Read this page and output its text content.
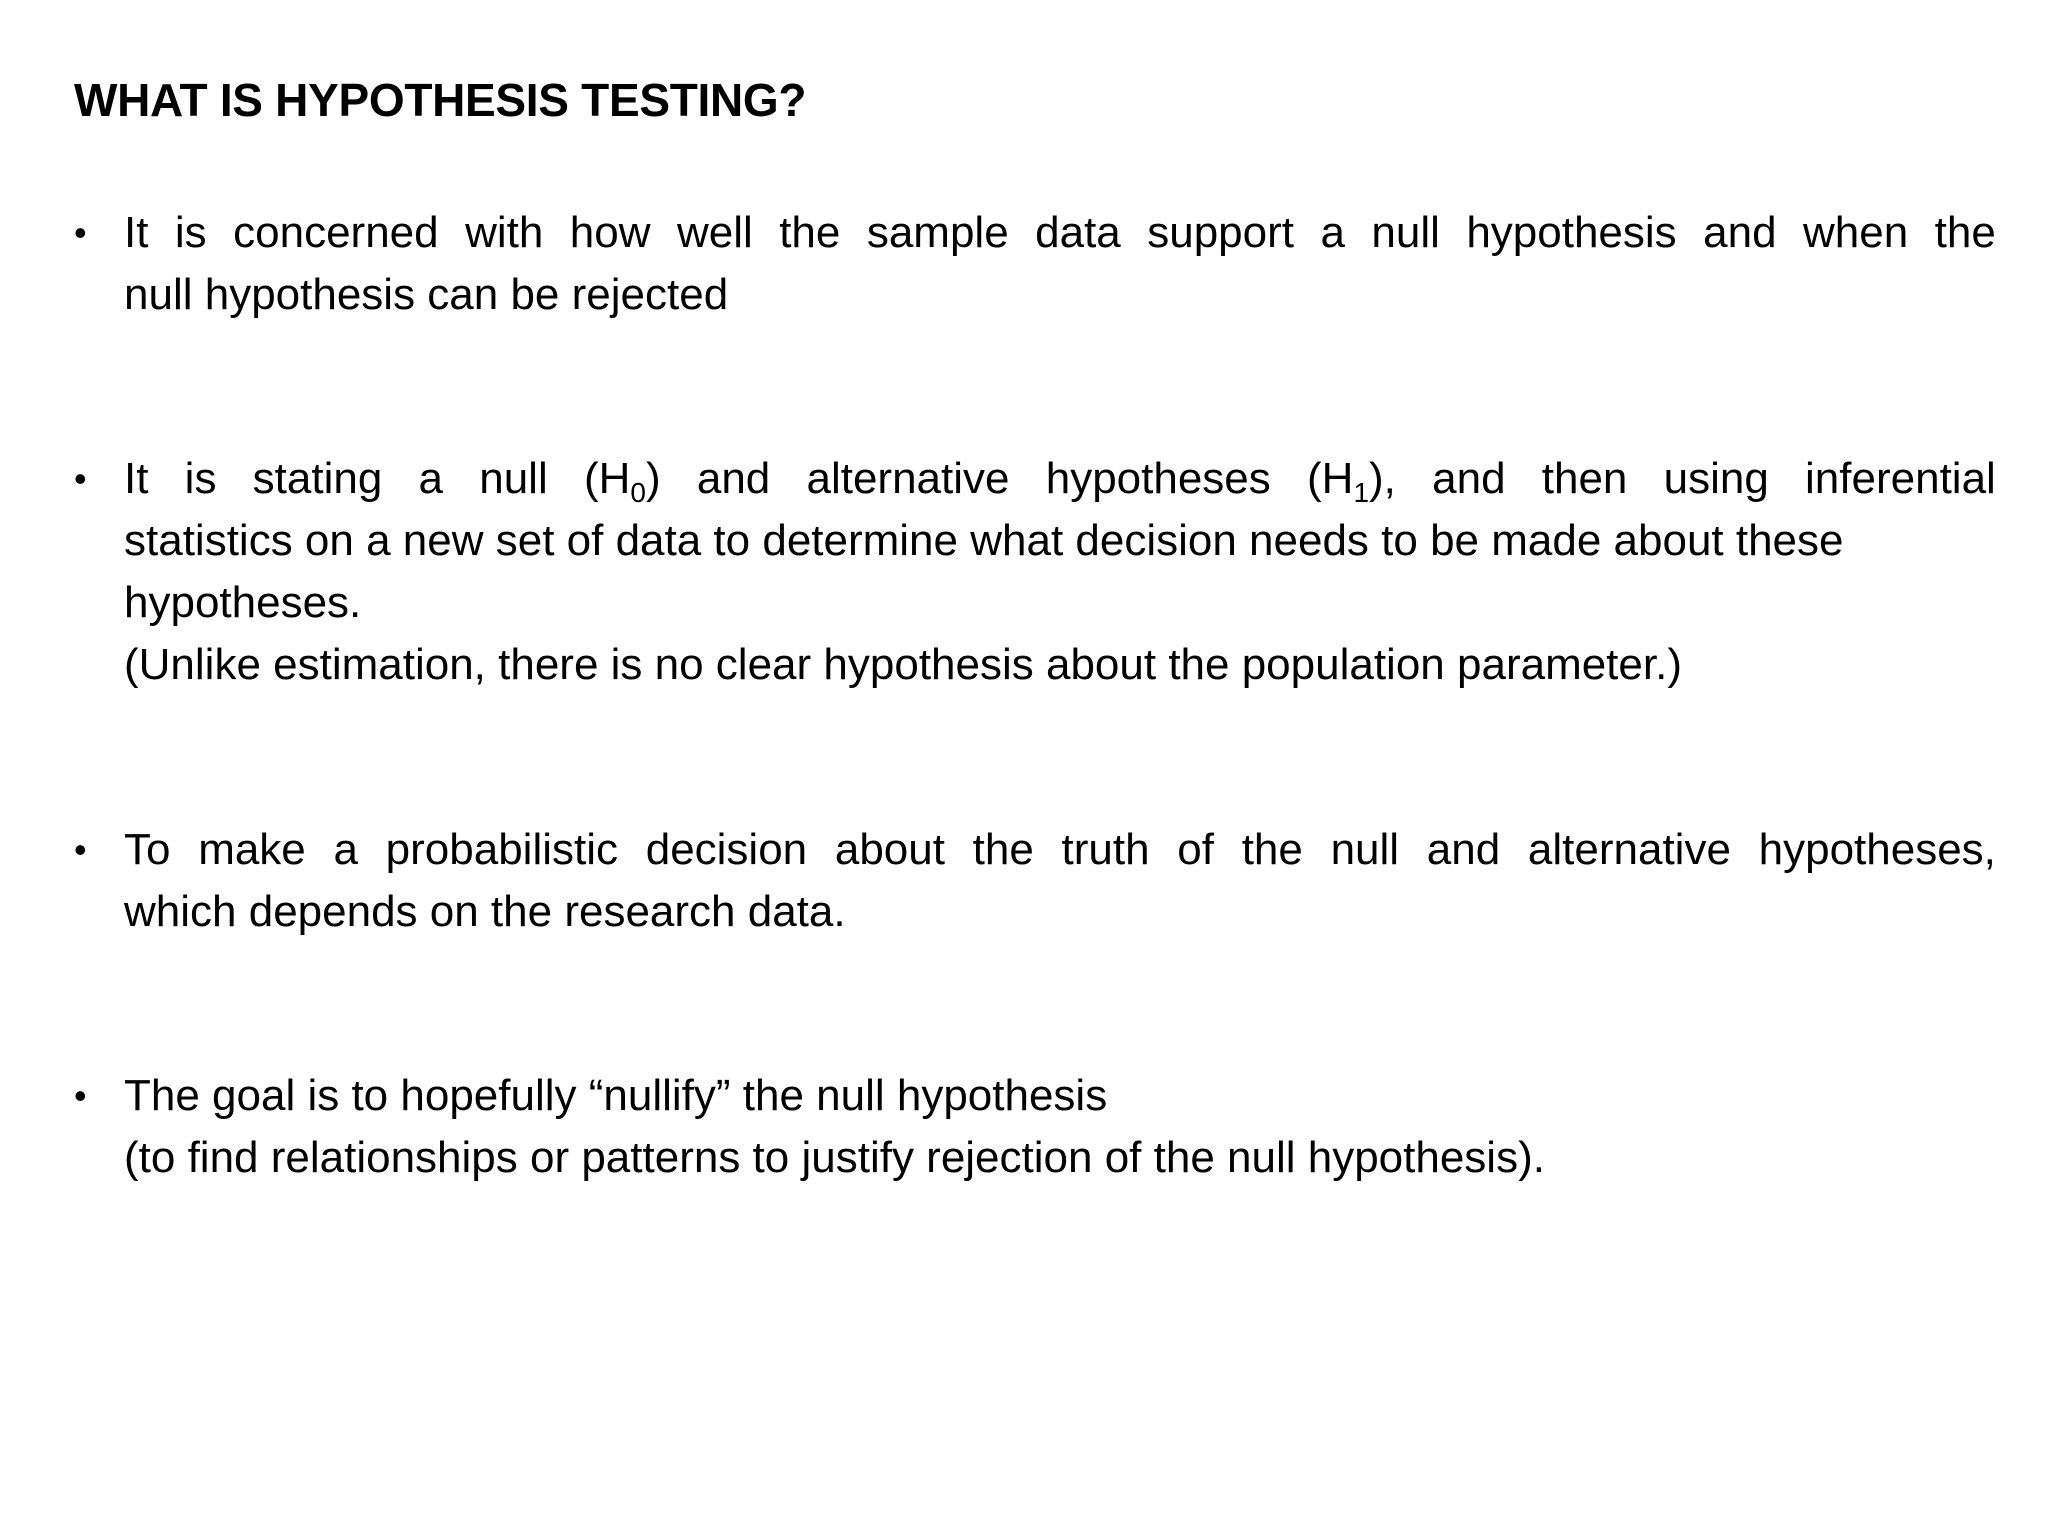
WHAT IS HYPOTHESIS TESTING?
• It is concerned with how well the sample data support a null hypothesis and when the
null hypothesis can be rejected
• It is stating a null $(H_0)$ and alternative hypotheses $(H_1)$, and then using inferential
statistics on a new set of data to determine what decision needs to be made about these
hypotheses.
(Unlike estimation, there is no clear hypothesis about the population parameter.)
• To make a probabilistic decision about the truth of the null and alternative hypotheses,
which depends on the research data.
• The goal is to hopefully “nullify” the null hypothesis
(to find relationships or patterns to justify rejection of the null hypothesis).
